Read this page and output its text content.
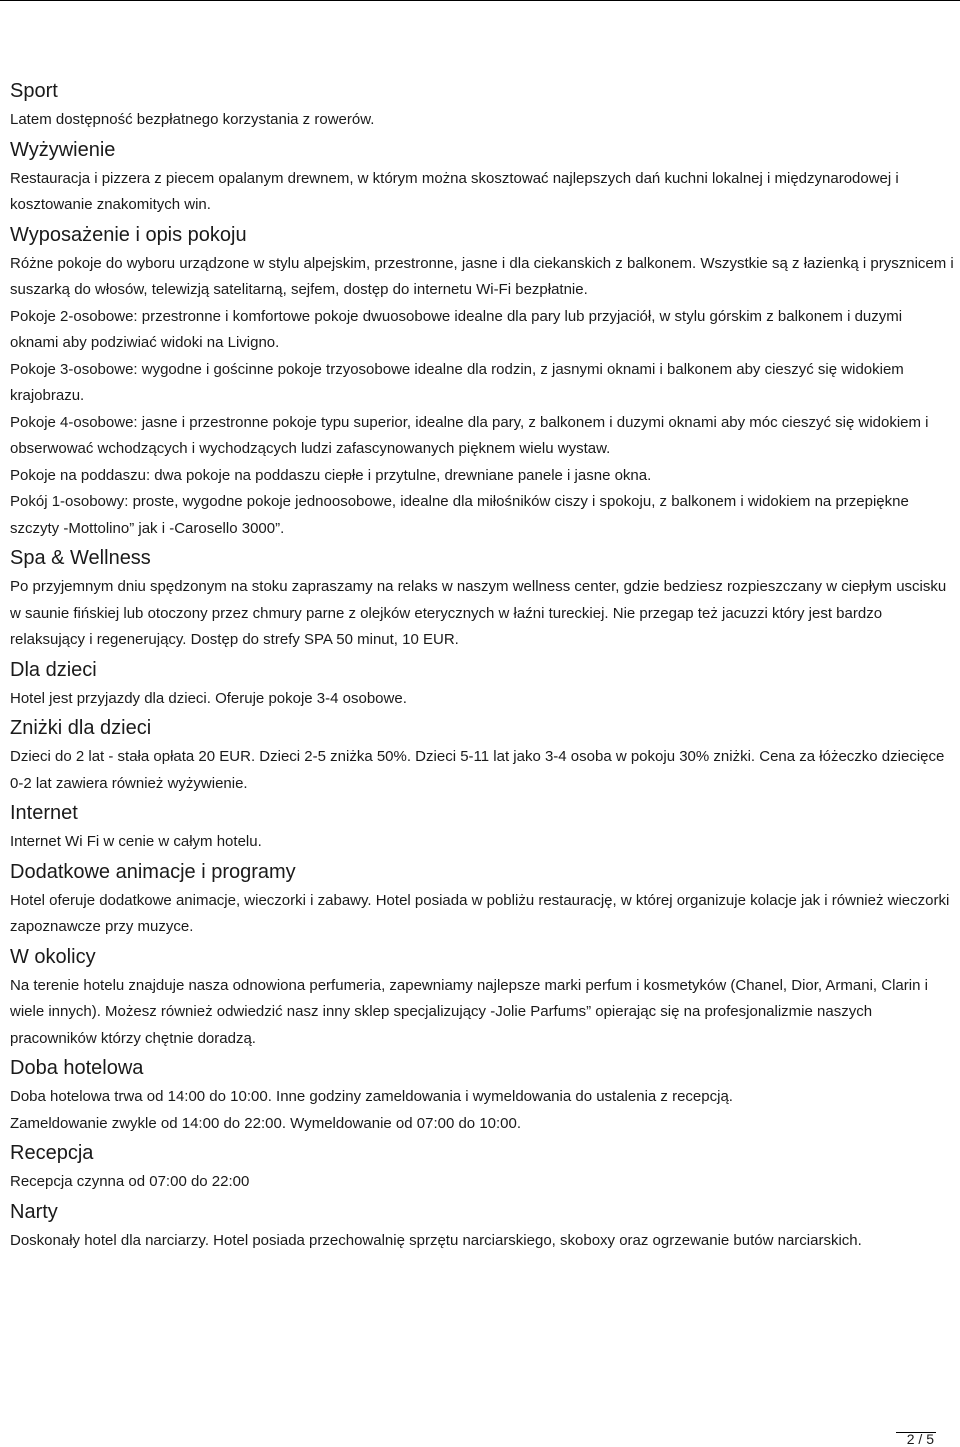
Sport

Latem dostępność bezpłatnego korzystania z rowerów.

Wyżywienie

Restauracja i pizzera z piecem opalanym drewnem, w którym można skosztować najlepszych dań kuchni lokalnej i międzynarodowej i kosztowanie znakomitych win.

Wyposażenie i opis pokoju

Różne pokoje do wyboru urządzone w stylu alpejskim, przestronne, jasne i dla ciekanskich z balkonem. Wszystkie są z łazienką i prysznicem i suszarką do włosów, telewizją satelitarną, sejfem, dostęp do internetu Wi-Fi bezpłatnie.

Pokoje 2-osobowe: przestronne i komfortowe pokoje dwuosobowe idealne dla pary lub przyjaciół, w stylu górskim z balkonem i duzymi oknami aby podziwiać widoki na Livigno.

Pokoje 3-osobowe: wygodne i gościnne pokoje trzyosobowe idealne dla rodzin, z jasnymi oknami i balkonem aby cieszyć się widokiem krajobrazu.

Pokoje 4-osobowe: jasne i przestronne pokoje typu superior, idealne dla pary, z balkonem i duzymi oknami aby móc cieszyć się widokiem i obserwować wchodzących i wychodzących ludzi zafascynowanych pięknem wielu wystaw.

Pokoje na poddaszu: dwa pokoje na poddaszu ciepłe i przytulne, drewniane panele i jasne okna.

Pokój 1-osobowy: proste, wygodne pokoje jednoosobowe, idealne dla miłośników ciszy i spokoju, z balkonem i widokiem na przepiękne szczyty -Mottolino” jak i -Carosello 3000”.

Spa & Wellness

Po przyjemnym dniu spędzonym na stoku zapraszamy na relaks w naszym wellness center, gdzie bedziesz rozpieszczany w ciepłym uscisku w saunie fińskiej lub otoczony przez chmury parne z olejków eterycznych w łaźni tureckiej. Nie przegap też jacuzzi który jest bardzo relaksujący i regenerujący. Dostęp do strefy SPA 50 minut, 10 EUR.

Dla dzieci

Hotel jest przyjazdy dla dzieci. Oferuje pokoje 3-4 osobowe.

Zniżki dla dzieci

Dzieci do 2 lat - stała opłata 20 EUR. Dzieci 2-5 zniżka 50%. Dzieci 5-11 lat jako 3-4 osoba w pokoju 30% zniżki. Cena za łóżeczko dziecięce 0-2 lat zawiera również wyżywienie.

Internet

Internet Wi Fi w cenie w całym hotelu.

Dodatkowe animacje i programy

Hotel oferuje dodatkowe animacje, wieczorki i zabawy. Hotel posiada w pobliżu restaurację, w której organizuje kolacje jak i również wieczorki zapoznawcze przy muzyce.

W okolicy

Na terenie hotelu znajduje nasza odnowiona perfumeria, zapewniamy najlepsze marki perfum i kosmetyków (Chanel, Dior, Armani, Clarin i wiele innych). Możesz również odwiedzić nasz inny sklep specjalizujący -Jolie Parfums” opierając się na profesjonalizmie naszych pracowników którzy chętnie doradzą.

Doba hotelowa

Doba hotelowa trwa od 14:00 do 10:00. Inne godziny zameldowania i wymeldowania do ustalenia z recepcją.

Zameldowanie zwykle od 14:00 do 22:00. Wymeldowanie od 07:00 do 10:00.

Recepcja

Recepcja czynna od 07:00 do 22:00

Narty

Doskonały hotel dla narciarzy. Hotel posiada przechowalnię sprzętu narciarskiego, skoboxy oraz ogrzewanie butów narciarskich.

2 / 5
